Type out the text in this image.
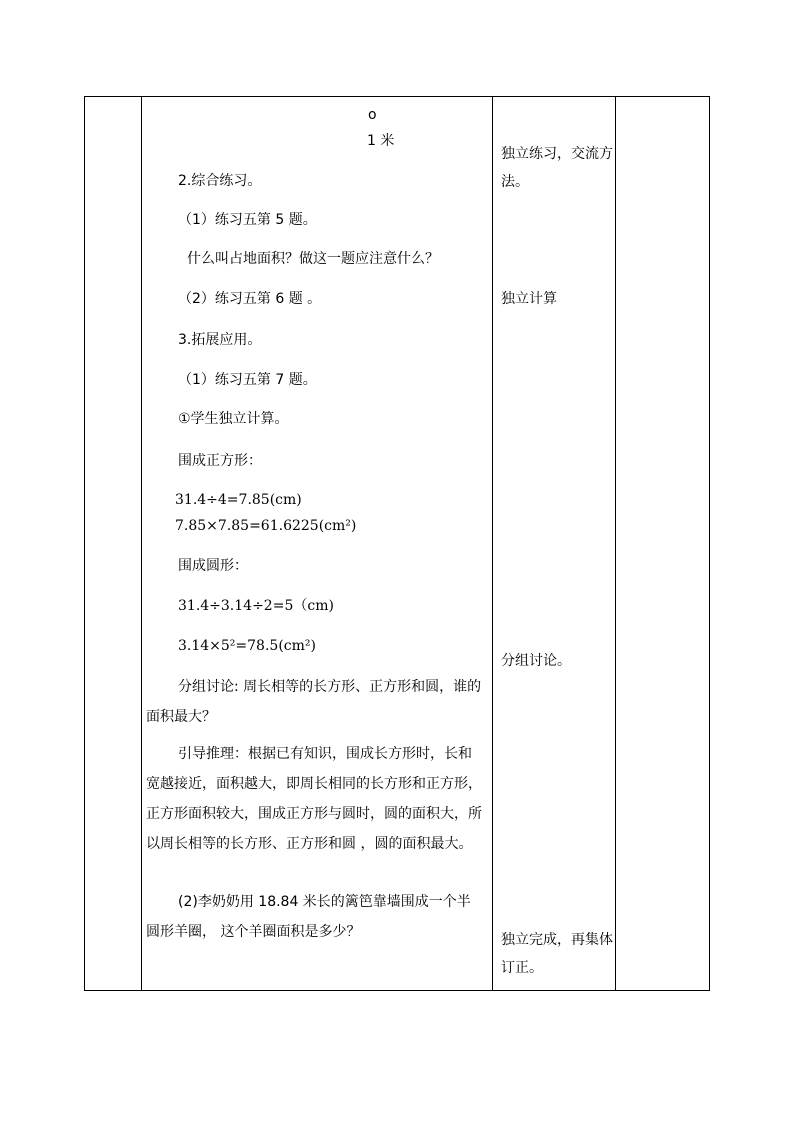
o
1 米
2.综合练习。
（1）练习五第 5 题。
什么叫占地面积？做这一题应注意什么？
（2）练习五第 6 题 。
3.拓展应用。
（1）练习五第 7 题。
①学生独立计算。
围成正方形：
31.4÷4=7.85(cm)
7.85×7.85=61.6225(cm²)
围成圆形：
31.4÷3.14÷2=5（cm)
3.14×5²=78.5(cm²)
分组讨论: 周长相等的长方形、正方形和圆，谁的面积最大？
引导推理：根据已有知识，围成长方形时，长和宽越接近，面积越大，即周长相同的长方形和正方形，正方形面积较大，围成正方形与圆时，圆的面积大，所以周长相等的长方形、正方形和圆 ，圆的面积最大。
(2)李奶奶用 18.84 米长的篱笆靠墙围成一个半圆形羊圈， 这个羊圈面积是多少？
独立练习，交流方法。
独立计算
分组讨论。
独立完成，再集体订正。
